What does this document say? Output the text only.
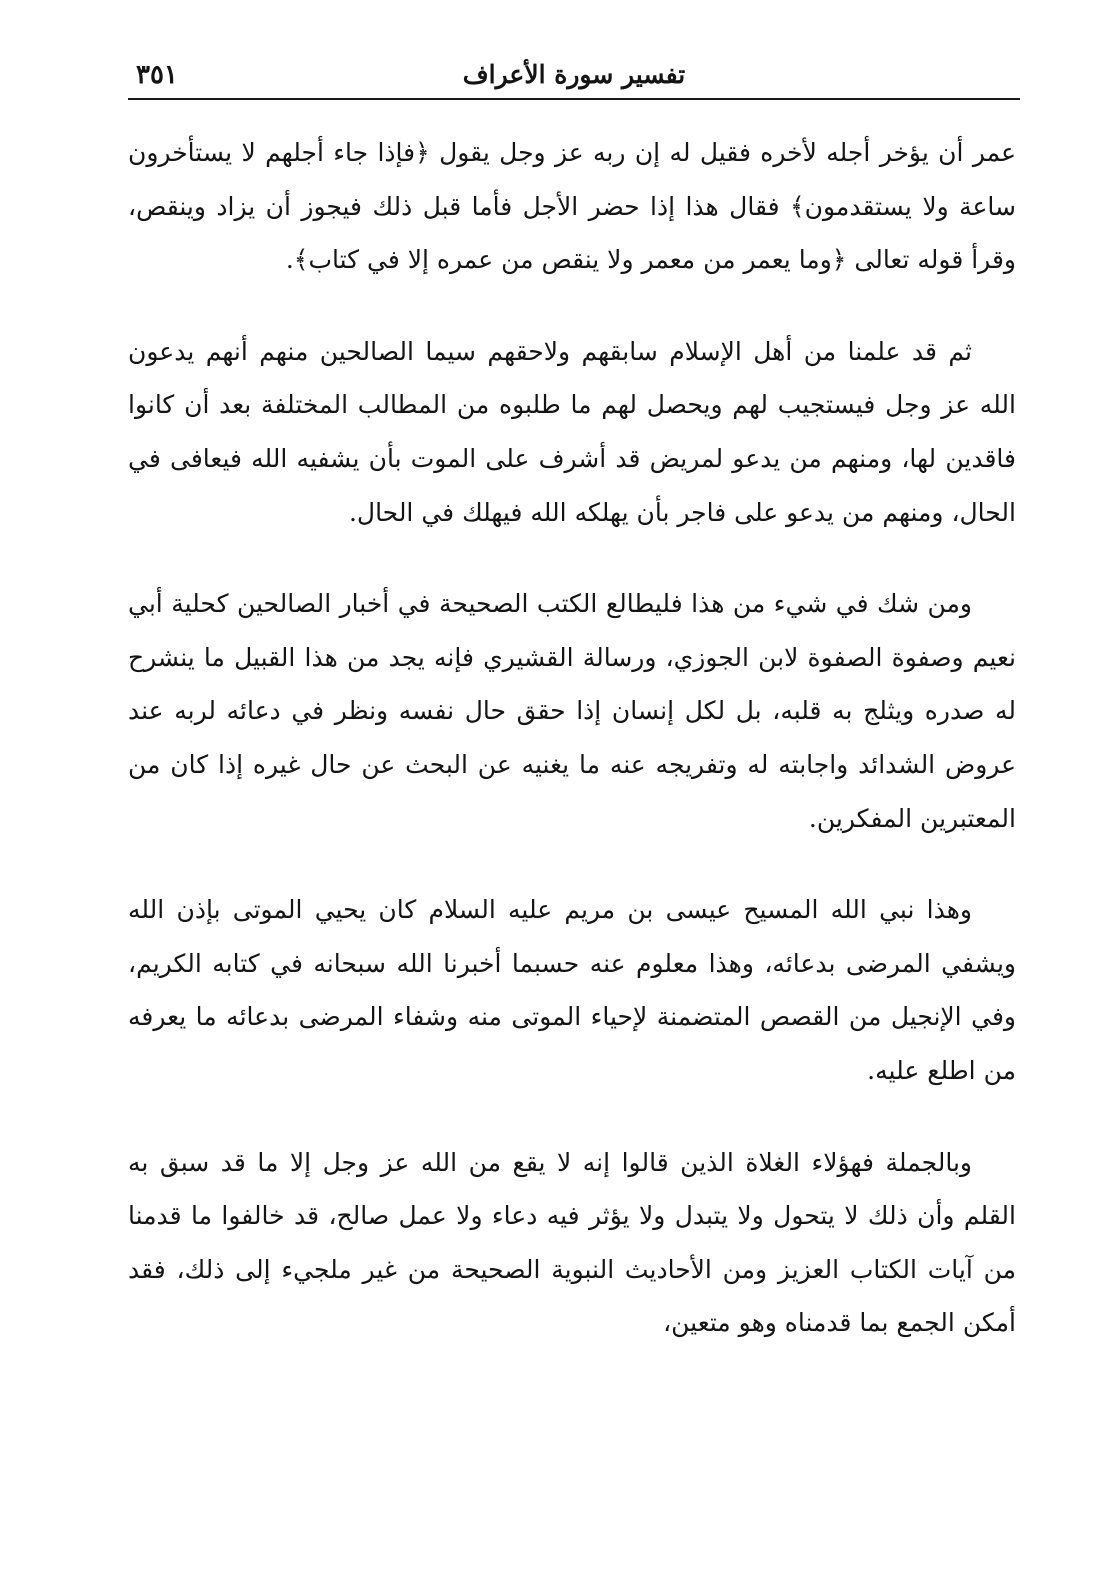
تفسير سورة الأعراف
٣٥١

عمر أن يؤخر أجله لأخره فقيل له إن ربه عز وجل يقول ﴿فإذا جاء أجلهم لا يستأخرون ساعة ولا يستقدمون﴾ فقال هذا إذا حضر الأجل فأما قبل ذلك فيجوز أن يزاد وينقص، وقرأ قوله تعالى ﴿وما يعمر من معمر ولا ينقص من عمره إلا في كتاب﴾.

ثم قد علمنا من أهل الإسلام سابقهم ولاحقهم سيما الصالحين منهم أنهم يدعون الله عز وجل فيستجيب لهم ويحصل لهم ما طلبوه من المطالب المختلفة بعد أن كانوا فاقدين لها، ومنهم من يدعو لمريض قد أشرف على الموت بأن يشفيه الله فيعافى في الحال، ومنهم من يدعو على فاجر بأن يهلكه الله فيهلك في الحال.

ومن شك في شيء من هذا فليطالع الكتب الصحيحة في أخبار الصالحين كحلية أبي نعيم وصفوة الصفوة لابن الجوزي، ورسالة القشيري فإنه يجد من هذا القبيل ما ينشرح له صدره ويثلج به قلبه، بل لكل إنسان إذا حقق حال نفسه ونظر في دعائه لربه عند عروض الشدائد واجابته له وتفريجه عنه ما يغنيه عن البحث عن حال غيره إذا كان من المعتبرين المفكرين.

وهذا نبي الله المسيح عيسى بن مريم عليه السلام كان يحيي الموتى بإذن الله ويشفي المرضى بدعائه، وهذا معلوم عنه حسبما أخبرنا الله سبحانه في كتابه الكريم، وفي الإنجيل من القصص المتضمنة لإحياء الموتى منه وشفاء المرضى بدعائه ما يعرفه من اطلع عليه.

وبالجملة فهؤلاء الغلاة الذين قالوا إنه لا يقع من الله عز وجل إلا ما قد سبق به القلم وأن ذلك لا يتحول ولا يتبدل ولا يؤثر فيه دعاء ولا عمل صالح، قد خالفوا ما قدمنا من آيات الكتاب العزيز ومن الأحاديث النبوية الصحيحة من غير ملجيء إلى ذلك، فقد أمكن الجمع بما قدمناه وهو متعين،
